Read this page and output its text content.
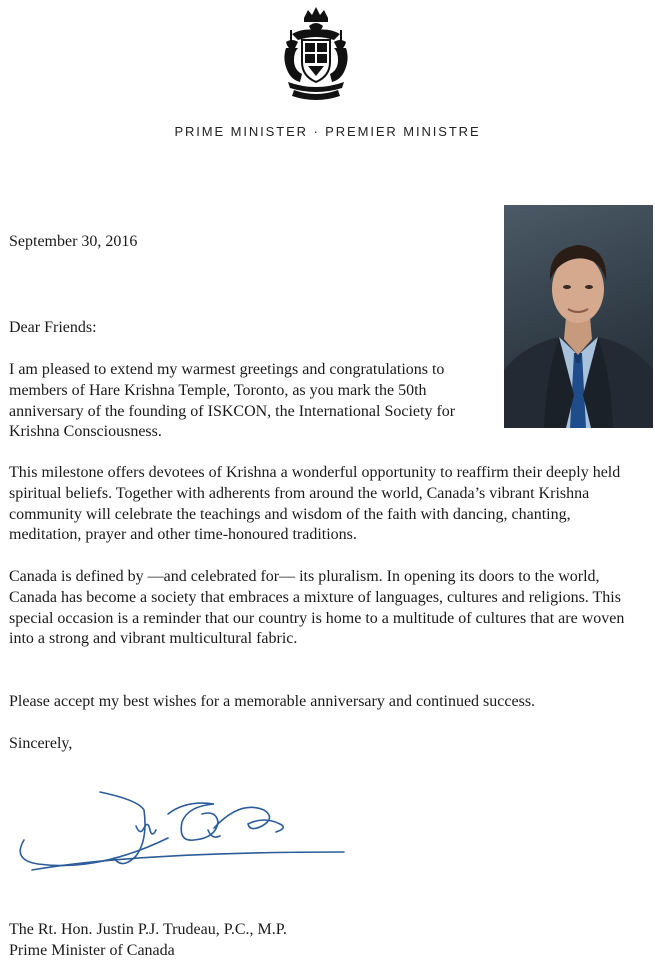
PRIME MINISTER · PREMIER MINISTRE

September 30, 2016

Dear Friends:

I am pleased to extend my warmest greetings and congratulations to members of Hare Krishna Temple, Toronto, as you mark the 50th anniversary of the founding of ISKCON, the International Society for Krishna Consciousness.

This milestone offers devotees of Krishna a wonderful opportunity to reaffirm their deeply held spiritual beliefs. Together with adherents from around the world, Canada’s vibrant Krishna community will celebrate the teachings and wisdom of the faith with dancing, chanting, meditation, prayer and other time-honoured traditions.

Canada is defined by —and celebrated for— its pluralism. In opening its doors to the world, Canada has become a society that embraces a mixture of languages, cultures and religions. This special occasion is a reminder that our country is home to a multitude of cultures that are woven into a strong and vibrant multicultural fabric.

Please accept my best wishes for a memorable anniversary and continued success.

Sincerely,

The Rt. Hon. Justin P.J. Trudeau, P.C., M.P.
Prime Minister of Canada
